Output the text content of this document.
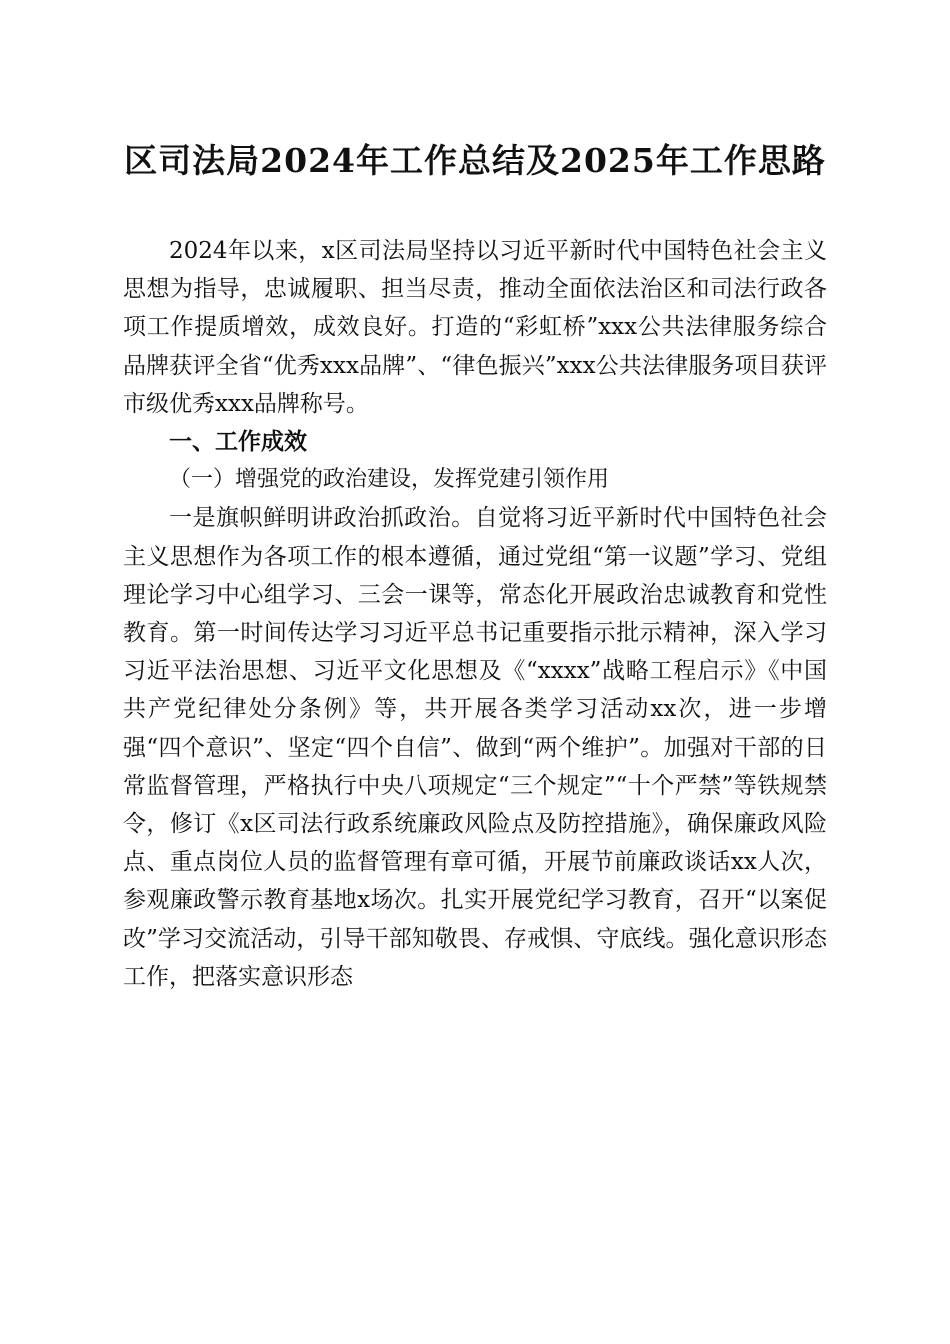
区司法局2024年工作总结及2025年工作思路

2024年以来，x区司法局坚持以习近平新时代中国特色社会主义思想为指导，忠诚履职、担当尽责，推动全面依法治区和司法行政各项工作提质增效，成效良好。打造的“彩虹桥”xxx公共法律服务综合品牌获评全省“优秀xxx品牌”、“律色振兴”xxx公共法律服务项目获评市级优秀xxx品牌称号。

一、工作成效

（一）增强党的政治建设，发挥党建引领作用

一是旗帜鲜明讲政治抓政治。自觉将习近平新时代中国特色社会主义思想作为各项工作的根本遵循，通过党组“第一议题”学习、党组理论学习中心组学习、三会一课等，常态化开展政治忠诚教育和党性教育。第一时间传达学习习近平总书记重要指示批示精神，深入学习习近平法治思想、习近平文化思想及《“xxxx”战略工程启示》《中国共产党纪律处分条例》等，共开展各类学习活动xx次，进一步增强“四个意识”、坚定“四个自信”、做到“两个维护”。加强对干部的日常监督管理，严格执行中央八项规定“三个规定”“十个严禁”等铁规禁令，修订《x区司法行政系统廉政风险点及防控措施》，确保廉政风险点、重点岗位人员的监督管理有章可循，开展节前廉政谈话xx人次，参观廉政警示教育基地x场次。扎实开展党纪学习教育，召开“以案促改”学习交流活动，引导干部知敬畏、存戒惧、守底线。强化意识形态工作，把落实意识形态
